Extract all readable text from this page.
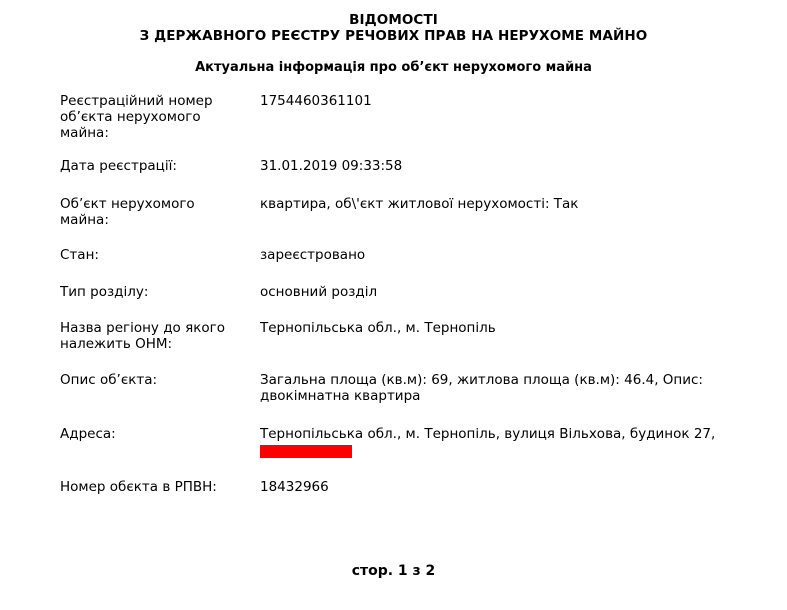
ВІДОМОСТІ
З ДЕРЖАВНОГО РЕЄСТРУ РЕЧОВИХ ПРАВ НА НЕРУХОМЕ МАЙНО
Актуальна інформація про об’єкт нерухомого майна
Реєстраційний номер об’єкта нерухомого майна:
1754460361101
Дата реєстрації:	31.01.2019 09:33:58
Об’єкт нерухомого майна:
квартира, об\'єкт житлової нерухомості: Так
Стан:	зареєстровано
Тип розділу:	основний розділ
Назва регіону до якого належить ОНМ:
Тернопільська обл., м. Тернопіль
Опис об’єкта:	Загальна площа (кв.м): 69, житлова площа (кв.м): 46.4, Опис: двокімнатна квартира
Адреса:	Тернопільська обл., м. Тернопіль, вулиця Вільхова, будинок 27,
Номер обєкта в РПВН:	18432966
стор. 1 з 2
